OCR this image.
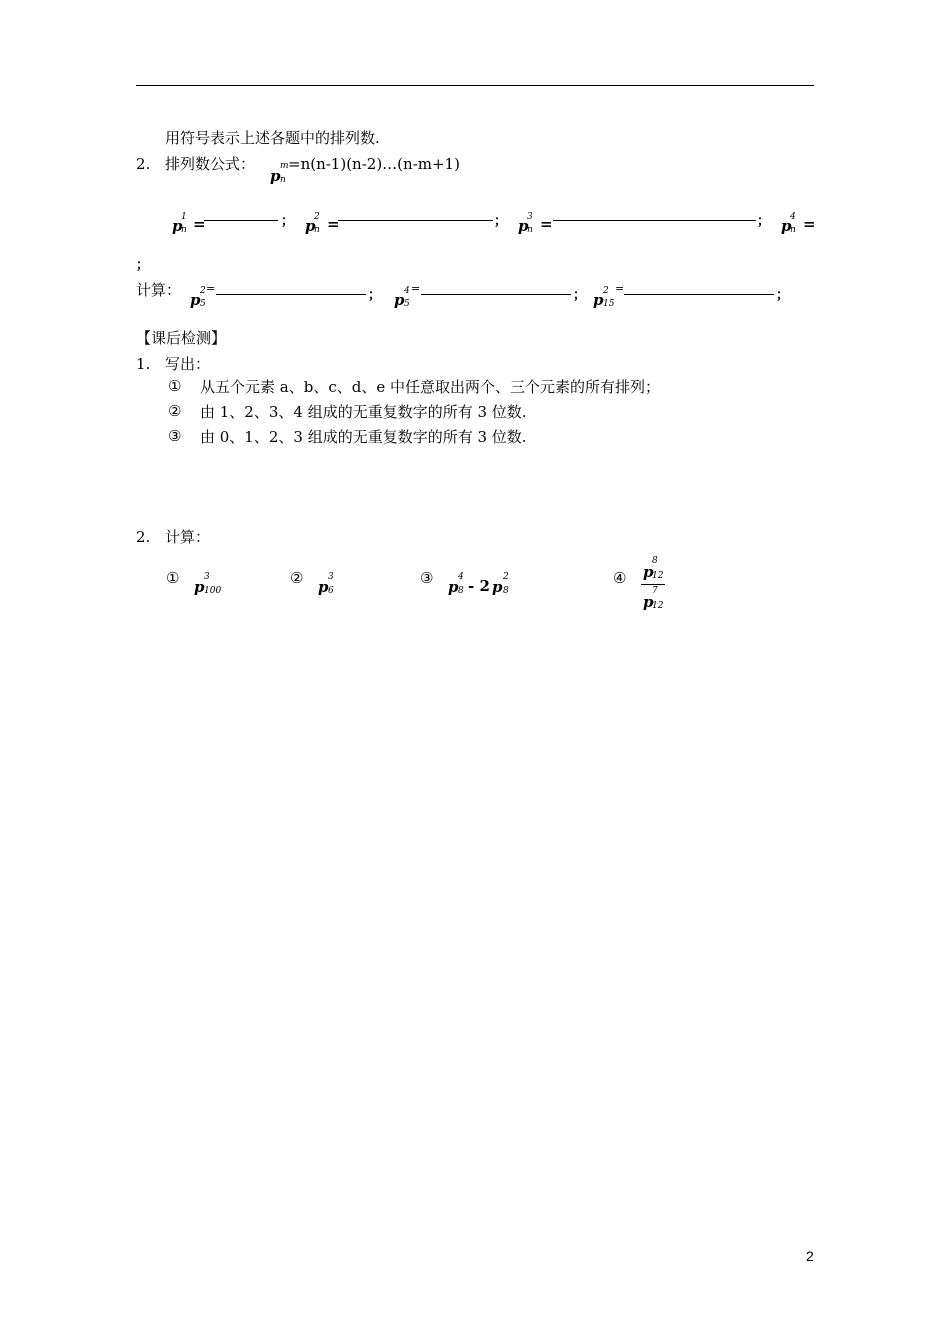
用符号表示上述各题中的排列数.
2. 排列数公式：
p
m
n
=n(n-1)(n-2)…(n-m+1)
p
1
n =	； p
2
n =	； p
3
n =	； p
4
n =
；
计算：
p 2
5
=	； p 4
5
=	； p 2
15
=	；
【课后检测】
1. 写出：
① 从五个元素 a、b、c、d、e 中任意取出两个、三个元素的所有排列；
② 由 1、2、3、4 组成的无重复数字的所有 3 位数.
③ 由 0、1、2、3 组成的无重复数字的所有 3 位数.
2. 计算：
① p
3
100
② p
3
6
③ p
4
8 - 2 p
2
8
④ p
8
12
p
7
12
2
